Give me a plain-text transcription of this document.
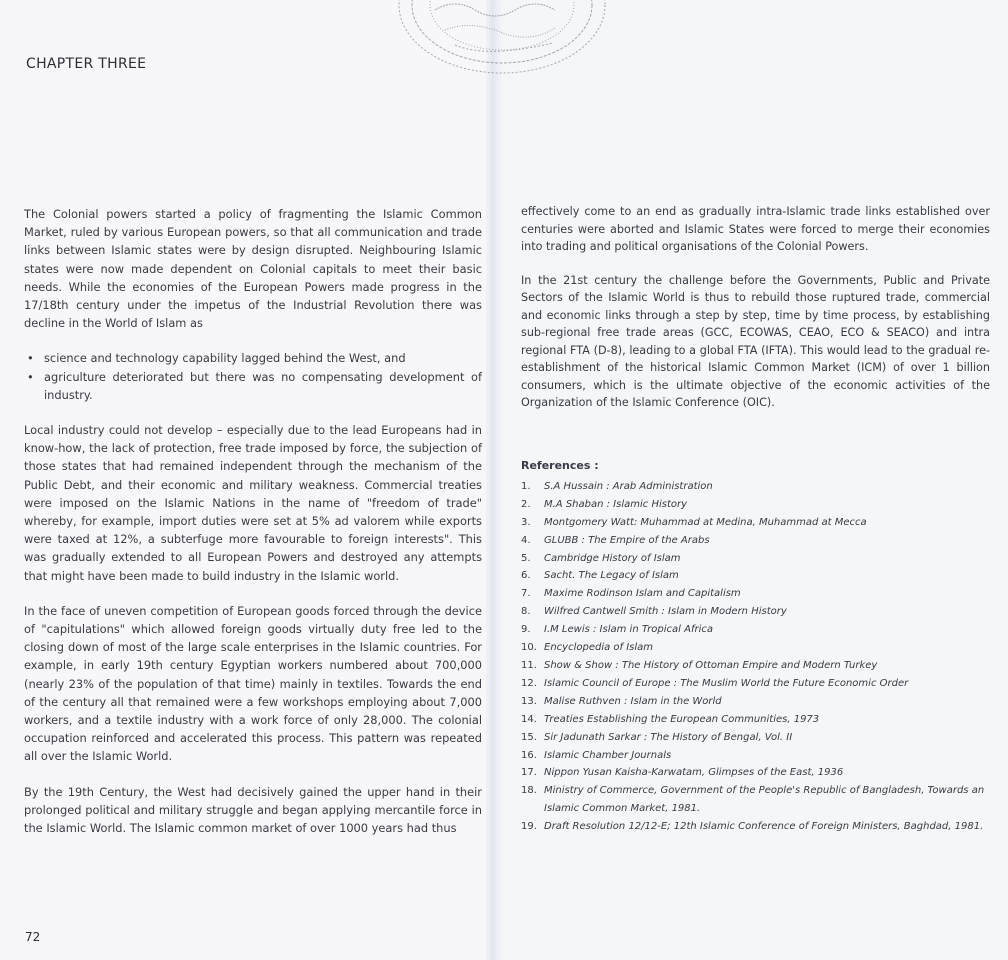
CHAPTER THREE

The Colonial powers started a policy of fragmenting the Islamic Common Market, ruled by various European powers, so that all communication and trade links between Islamic states were by design disrupted. Neighbouring Islamic states were now made dependent on Colonial capitals to meet their basic needs. While the economies of the European Powers made progress in the 17/18th century under the impetus of the Industrial Revolution there was decline in the World of Islam as

• science and technology capability lagged behind the West, and
• agriculture deteriorated but there was no compensating development of industry.

Local industry could not develop – especially due to the lead Europeans had in know-how, the lack of protection, free trade imposed by force, the subjection of those states that had remained independent through the mechanism of the Public Debt, and their economic and military weakness. Commercial treaties were imposed on the Islamic Nations in the name of "freedom of trade" whereby, for example, import duties were set at 5% ad valorem while exports were taxed at 12%, a subterfuge more favourable to foreign interests". This was gradually extended to all European Powers and destroyed any attempts that might have been made to build industry in the Islamic world.

In the face of uneven competition of European goods forced through the device of "capitulations" which allowed foreign goods virtually duty free led to the closing down of most of the large scale enterprises in the Islamic countries. For example, in early 19th century Egyptian workers numbered about 700,000 (nearly 23% of the population of that time) mainly in textiles. Towards the end of the century all that remained were a few workshops employing about 7,000 workers, and a textile industry with a work force of only 28,000. The colonial occupation reinforced and accelerated this process. This pattern was repeated all over the Islamic World.

By the 19th Century, the West had decisively gained the upper hand in their prolonged political and military struggle and began applying mercantile force in the Islamic World. The Islamic common market of over 1000 years had thus

effectively come to an end as gradually intra-Islamic trade links established over centuries were aborted and Islamic States were forced to merge their economies into trading and political organisations of the Colonial Powers.

In the 21st century the challenge before the Governments, Public and Private Sectors of the Islamic World is thus to rebuild those ruptured trade, commercial and economic links through a step by step, time by time process, by establishing sub-regional free trade areas (GCC, ECOWAS, CEAO, ECO & SEACO) and intra regional FTA (D-8), leading to a global FTA (IFTA). This would lead to the gradual re-establishment of the historical Islamic Common Market (ICM) of over 1 billion consumers, which is the ultimate objective of the economic activities of the Organization of the Islamic Conference (OIC).

References :
1.	S.A Hussain : Arab Administration
2.	M.A Shaban : Islamic History
3.	Montgomery Watt: Muhammad at Medina, Muhammad at Mecca
4.	GLUBB : The Empire of the Arabs
5.	Cambridge History of Islam
6.	Sacht. The Legacy of Islam
7.	Maxime Rodinson Islam and Capitalism
8.	Wilfred Cantwell Smith : Islam in Modern History
9.	I.M Lewis : Islam in Tropical Africa
10. Encyclopedia of Islam
11. Show & Show : The History of Ottoman Empire and Modern Turkey
12. Islamic Council of Europe : The Muslim World the Future Economic Order
13. Malise Ruthven : Islam in the World
14. Treaties Establishing the European Communities, 1973
15. Sir Jadunath Sarkar : The History of Bengal, Vol. II
16. Islamic Chamber Journals
17. Nippon Yusan Kaisha-Karwatam, Glimpses of the East, 1936
18. Ministry of Commerce, Government of the People's Republic of Bangladesh, Towards an Islamic Common Market, 1981.
19. Draft Resolution 12/12-E; 12th Islamic Conference of Foreign Ministers, Baghdad, 1981.
72
